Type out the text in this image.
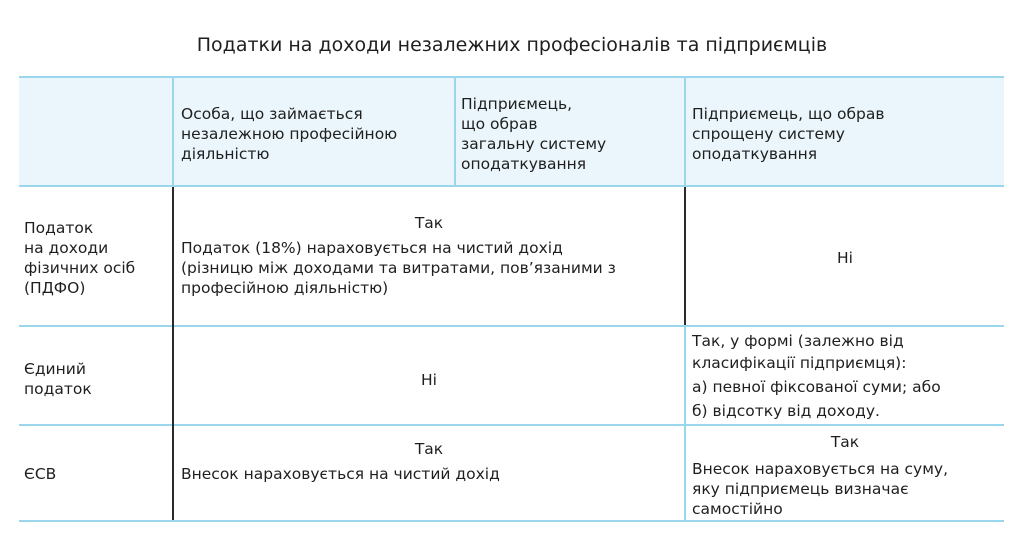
Податки на доходи незалежних професіоналів та підприємців
Особа, що займається
незалежною професійною
діяльністю
Підприємець,
що обрав
загальну систему
оподаткування
Підприємець, що обрав
спрощену систему
оподаткування
Податок
на доходи
фізичних осіб
(ПДФО)
Так
Податок (18%) нараховується на чистий дохід
(різницю між доходами та витратами, пов’язаними з
професійною діяльністю)
Ні
Єдиний
податок	Ні
Так, у формі (залежно від
класифікації підприємця):
а) певної фіксованої суми; або
б) відсотку від доходу.
ЄСВ
Так
Внесок нараховується на чистий дохід
Так
Внесок нараховується на суму,
яку підприємець визначає
самостійно
